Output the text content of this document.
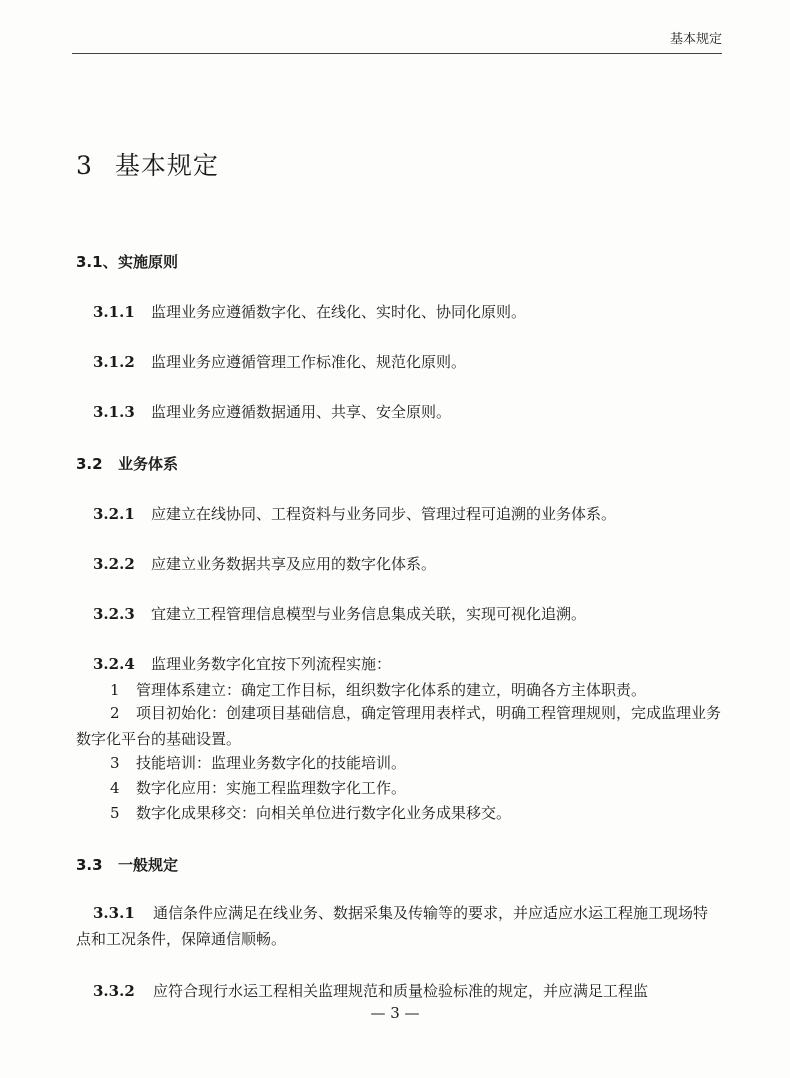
基本规定
3 基本规定
3.1、实施原则
3.1.1 监理业务应遵循数字化、在线化、实时化、协同化原则。
3.1.2 监理业务应遵循管理工作标准化、规范化原则。
3.1.3 监理业务应遵循数据通用、共享、安全原则。
3.2 业务体系
3.2.1 应建立在线协同、工程资料与业务同步、管理过程可追溯的业务体系。
3.2.2 应建立业务数据共享及应用的数字化体系。
3.2.3 宜建立工程管理信息模型与业务信息集成关联，实现可视化追溯。
3.2.4 监理业务数字化宜按下列流程实施：
1 管理体系建立：确定工作目标，组织数字化体系的建立，明确各方主体职责。
2 项目初始化：创建项目基础信息，确定管理用表样式，明确工程管理规则，完成监理业务数字化平台的基础设置。
3 技能培训：监理业务数字化的技能培训。
4 数字化应用：实施工程监理数字化工作。
5 数字化成果移交：向相关单位进行数字化业务成果移交。
3.3 一般规定
3.3.1 通信条件应满足在线业务、数据采集及传输等的要求，并应适应水运工程施工现场特点和工况条件，保障通信顺畅。
3.3.2 应符合现行水运工程相关监理规范和质量检验标准的规定，并应满足工程监
— 3 —
